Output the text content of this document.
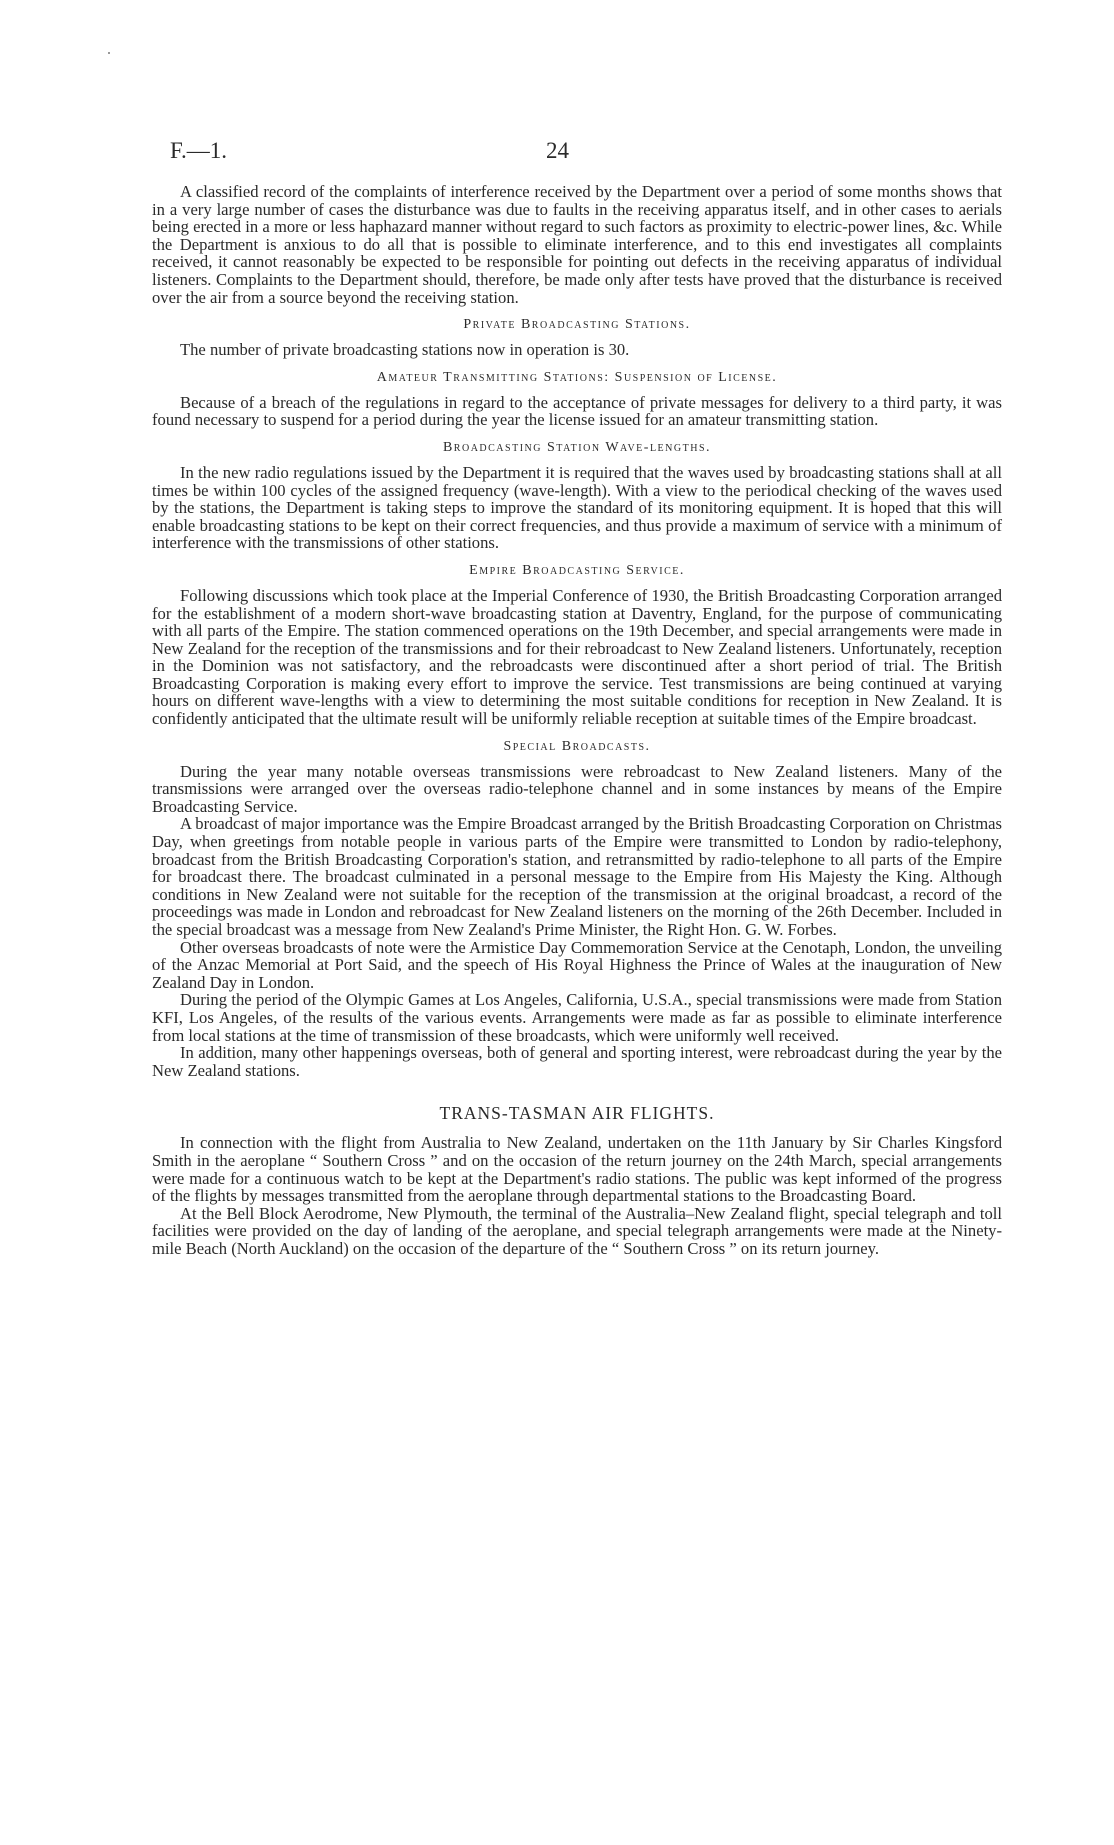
F.—1.	24

A classified record of the complaints of interference received by the Department over a period of some months shows that in a very large number of cases the disturbance was due to faults in the receiving apparatus itself, and in other cases to aerials being erected in a more or less haphazard manner without regard to such factors as proximity to electric-power lines, &c. While the Department is anxious to do all that is possible to eliminate interference, and to this end investigates all complaints received, it cannot reasonably be expected to be responsible for pointing out defects in the receiving apparatus of individual listeners. Complaints to the Department should, therefore, be made only after tests have proved that the disturbance is received over the air from a source beyond the receiving station.

Private Broadcasting Stations.

The number of private broadcasting stations now in operation is 30.

Amateur Transmitting Stations: Suspension of License.

Because of a breach of the regulations in regard to the acceptance of private messages for delivery to a third party, it was found necessary to suspend for a period during the year the license issued for an amateur transmitting station.

Broadcasting Station Wave-lengths.

In the new radio regulations issued by the Department it is required that the waves used by broadcasting stations shall at all times be within 100 cycles of the assigned frequency (wave-length). With a view to the periodical checking of the waves used by the stations, the Department is taking steps to improve the standard of its monitoring equipment. It is hoped that this will enable broadcasting stations to be kept on their correct frequencies, and thus provide a maximum of service with a minimum of interference with the transmissions of other stations.

Empire Broadcasting Service.

Following discussions which took place at the Imperial Conference of 1930, the British Broadcasting Corporation arranged for the establishment of a modern short-wave broadcasting station at Daventry, England, for the purpose of communicating with all parts of the Empire. The station commenced operations on the 19th December, and special arrangements were made in New Zealand for the reception of the transmissions and for their rebroadcast to New Zealand listeners. Unfortunately, reception in the Dominion was not satisfactory, and the rebroadcasts were discontinued after a short period of trial. The British Broadcasting Corporation is making every effort to improve the service. Test transmissions are being continued at varying hours on different wave-lengths with a view to determining the most suitable conditions for reception in New Zealand. It is confidently anticipated that the ultimate result will be uniformly reliable reception at suitable times of the Empire broadcast.

Special Broadcasts.

During the year many notable overseas transmissions were rebroadcast to New Zealand listeners. Many of the transmissions were arranged over the overseas radio-telephone channel and in some instances by means of the Empire Broadcasting Service.

A broadcast of major importance was the Empire Broadcast arranged by the British Broadcasting Corporation on Christmas Day, when greetings from notable people in various parts of the Empire were transmitted to London by radio-telephony, broadcast from the British Broadcasting Corporation's station, and retransmitted by radio-telephone to all parts of the Empire for broadcast there. The broadcast culminated in a personal message to the Empire from His Majesty the King. Although conditions in New Zealand were not suitable for the reception of the transmission at the original broadcast, a record of the proceedings was made in London and rebroadcast for New Zealand listeners on the morning of the 26th December. Included in the special broadcast was a message from New Zealand's Prime Minister, the Right Hon. G. W. Forbes.

Other overseas broadcasts of note were the Armistice Day Commemoration Service at the Cenotaph, London, the unveiling of the Anzac Memorial at Port Said, and the speech of His Royal Highness the Prince of Wales at the inauguration of New Zealand Day in London.

During the period of the Olympic Games at Los Angeles, California, U.S.A., special transmissions were made from Station KFI, Los Angeles, of the results of the various events. Arrangements were made as far as possible to eliminate interference from local stations at the time of transmission of these broadcasts, which were uniformly well received.

In addition, many other happenings overseas, both of general and sporting interest, were rebroadcast during the year by the New Zealand stations.

TRANS-TASMAN AIR FLIGHTS.

In connection with the flight from Australia to New Zealand, undertaken on the 11th January by Sir Charles Kingsford Smith in the aeroplane “ Southern Cross ” and on the occasion of the return journey on the 24th March, special arrangements were made for a continuous watch to be kept at the Department's radio stations. The public was kept informed of the progress of the flights by messages transmitted from the aeroplane through departmental stations to the Broadcasting Board.

At the Bell Block Aerodrome, New Plymouth, the terminal of the Australia–New Zealand flight, special telegraph and toll facilities were provided on the day of landing of the aeroplane, and special telegraph arrangements were made at the Ninety-mile Beach (North Auckland) on the occasion of the departure of the “ Southern Cross ” on its return journey.
